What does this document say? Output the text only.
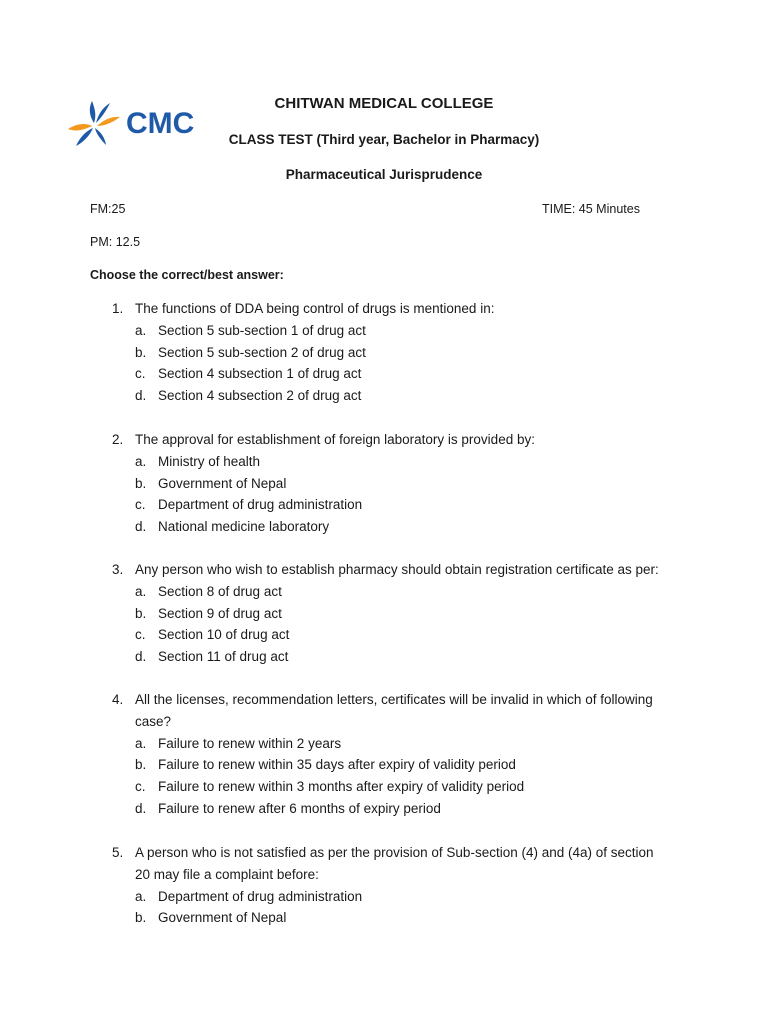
CMC
CHITWAN MEDICAL COLLEGE
CLASS TEST (Third year, Bachelor in Pharmacy)
Pharmaceutical Jurisprudence
FM:25	TIME: 45 Minutes
PM: 12.5
Choose the correct/best answer:
1. The functions of DDA being control of drugs is mentioned in:
a. Section 5 sub-section 1 of drug act
b. Section 5 sub-section 2 of drug act
c. Section 4 subsection 1 of drug act
d. Section 4 subsection 2 of drug act
2. The approval for establishment of foreign laboratory is provided by:
a. Ministry of health
b. Government of Nepal
c. Department of drug administration
d. National medicine laboratory
3. Any person who wish to establish pharmacy should obtain registration certificate as per:
a. Section 8 of drug act
b. Section 9 of drug act
c. Section 10 of drug act
d. Section 11 of drug act
4. All the licenses, recommendation letters, certificates will be invalid in which of following
case?
a. Failure to renew within 2 years
b. Failure to renew within 35 days after expiry of validity period
c. Failure to renew within 3 months after expiry of validity period
d. Failure to renew after 6 months of expiry period
5. A person who is not satisfied as per the provision of Sub-section (4) and (4a) of section
20 may file a complaint before:
a. Department of drug administration
b. Government of Nepal
